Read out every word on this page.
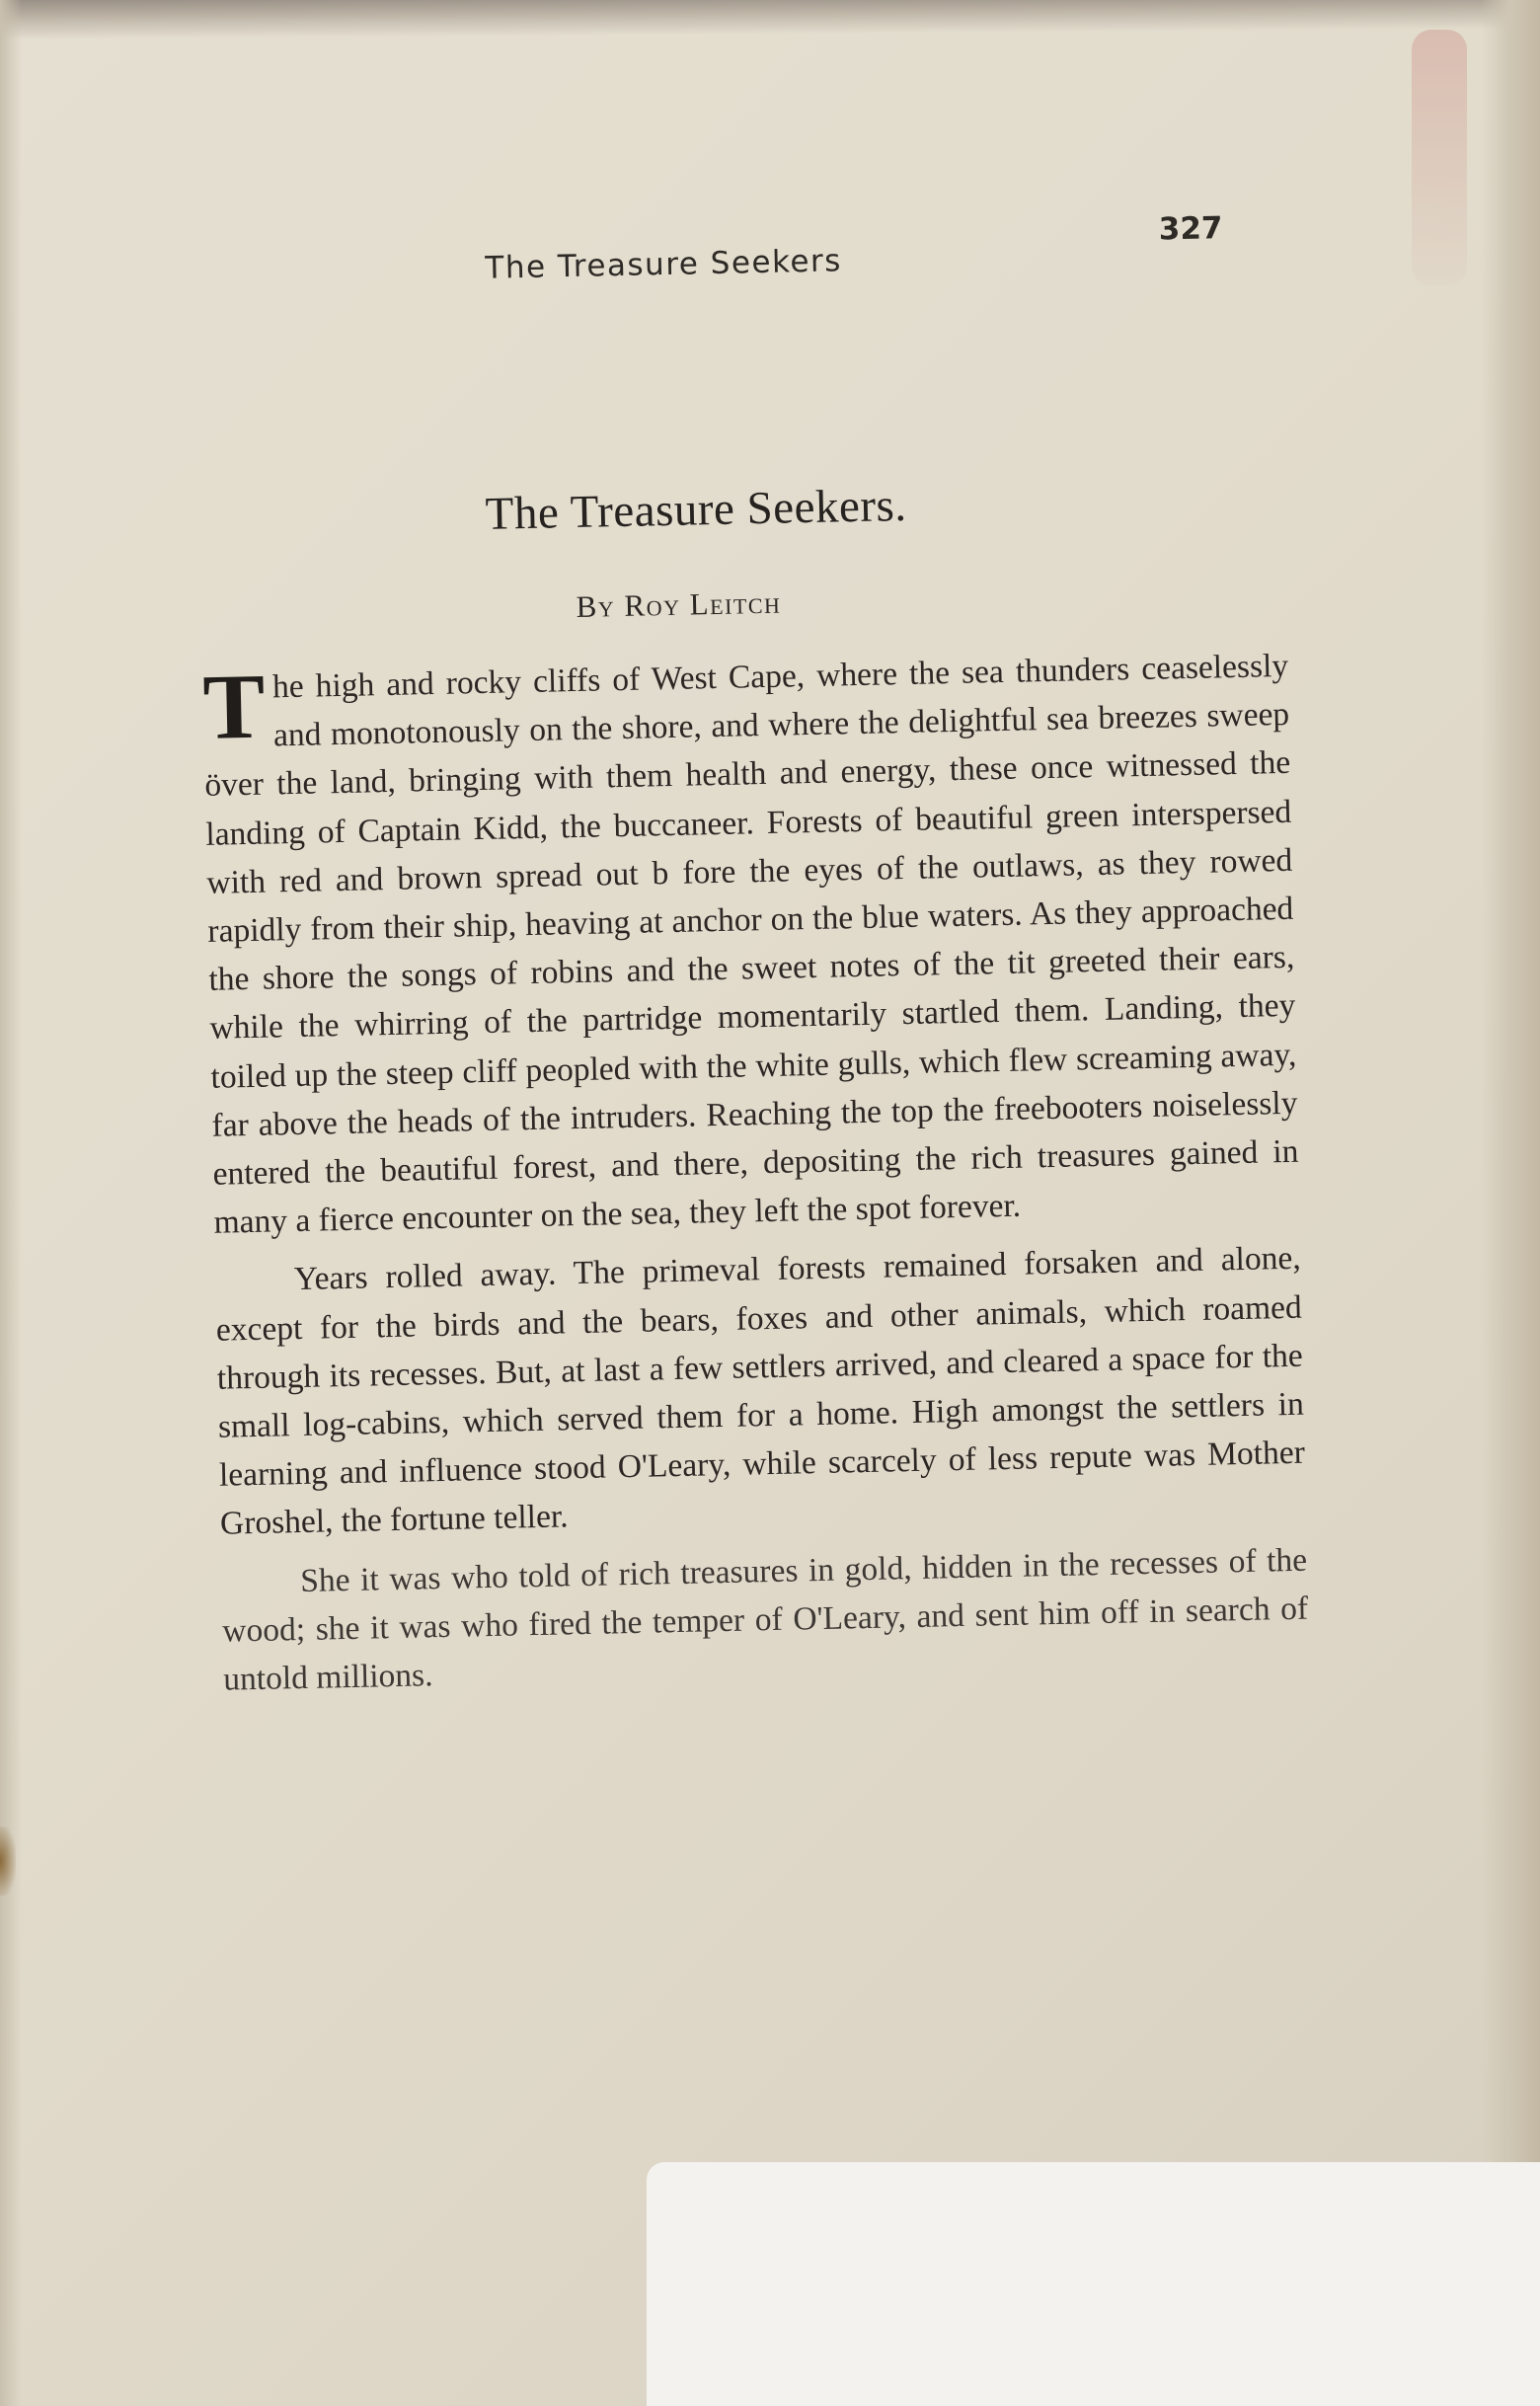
The Treasure Seekers
327
The Treasure Seekers.
By Roy Leitch

The high and rocky cliffs of West Cape, where the sea thunders ceaselessly and monotonously on the shore, and where the delightful sea breezes sweep över the land, bringing with them health and energy, these once witnessed the landing of Captain Kidd, the buccaneer. Forests of beautiful green interspersed with red and brown spread out b fore the eyes of the outlaws, as they rowed rapidly from their ship, heaving at anchor on the blue waters. As they approached the shore the songs of robins and the sweet notes of the tit greeted their ears, while the whirring of the partridge momentarily startled them. Landing, they toiled up the steep cliff peopled with the white gulls, which flew screaming away, far above the heads of the intruders. Reaching the top the freebooters noiselessly entered the beautiful forest, and there, depositing the rich treasures gained in many a fierce encounter on the sea, they left the spot forever.

Years rolled away. The primeval forests remained forsaken and alone, except for the birds and the bears, foxes and other animals, which roamed through its recesses. But, at last a few settlers arrived, and cleared a space for the small log-cabins, which served them for a home. High amongst the settlers in learning and influence stood O'Leary, while scarcely of less repute was Mother Groshel, the fortune teller.

She it was who told of rich treasures in gold, hidden in the recesses of the wood; she it was who fired the temper of O'Leary, and sent him off in search of untold millions.
